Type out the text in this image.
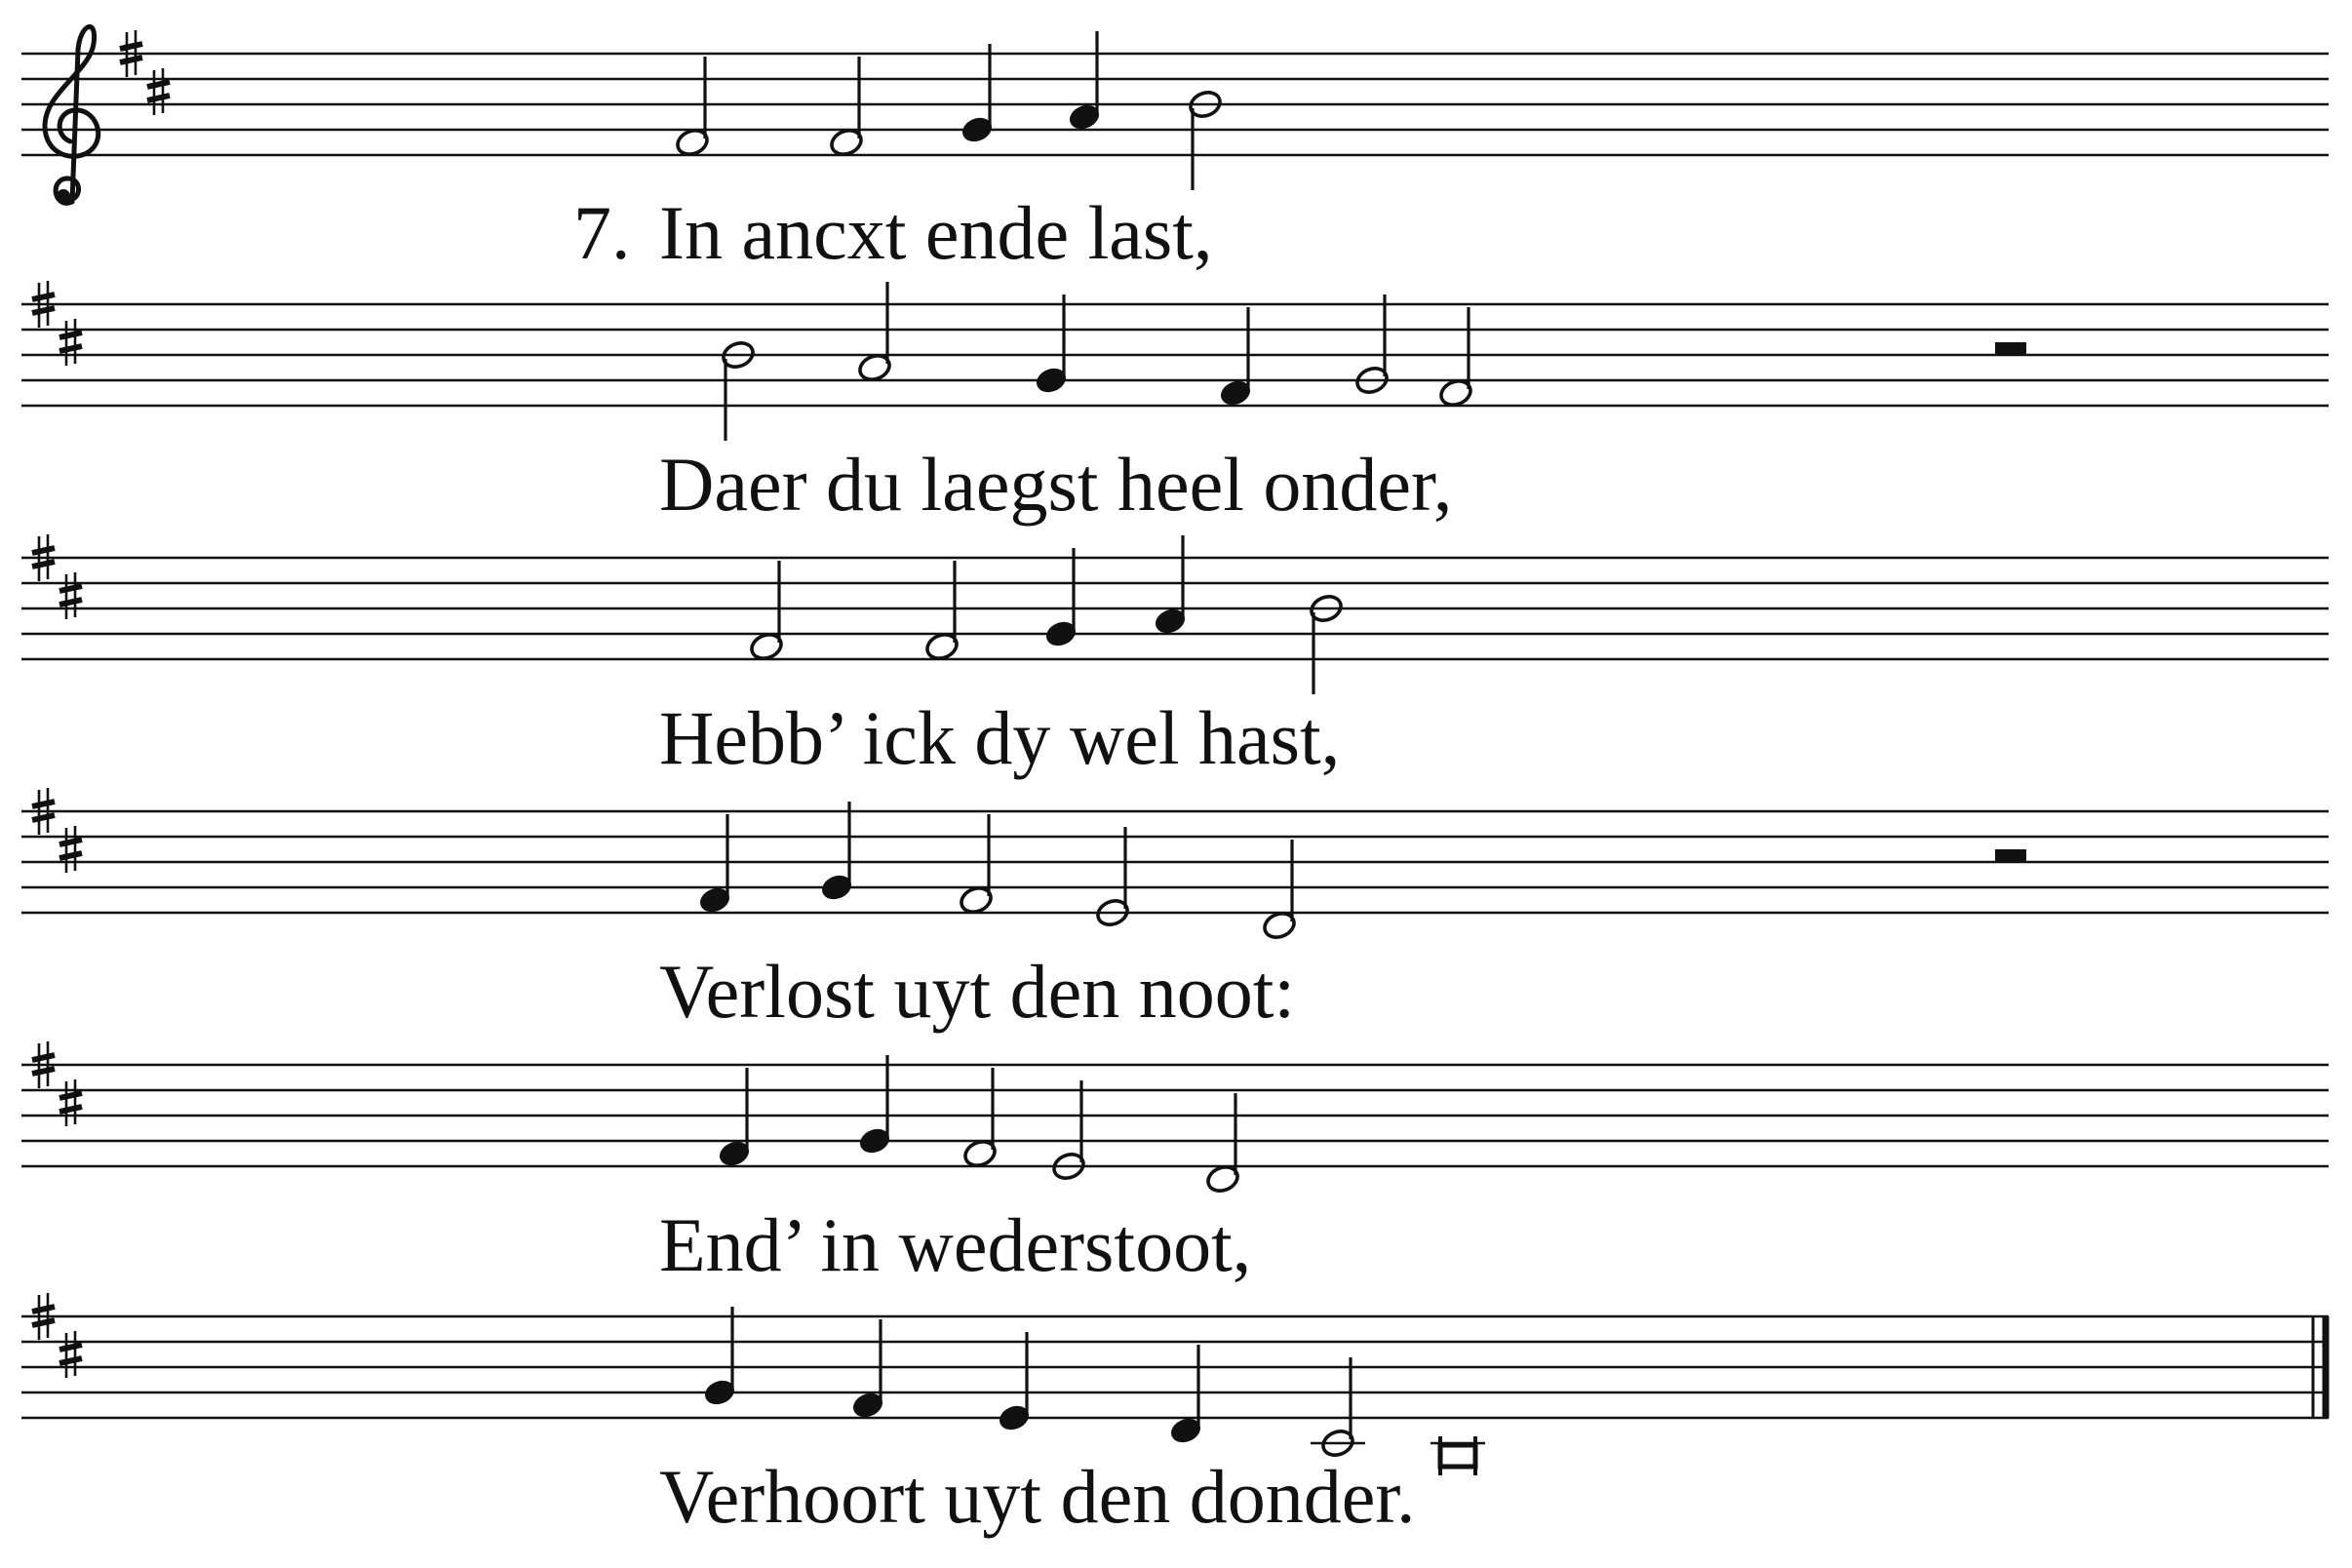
7. In ancxt ende last,
Daer du laegst heel onder,
Hebb’ ick dy wel hast,
Verlost uyt den noot:
End’ in wederstoot,
Verhoort uyt den donder.
